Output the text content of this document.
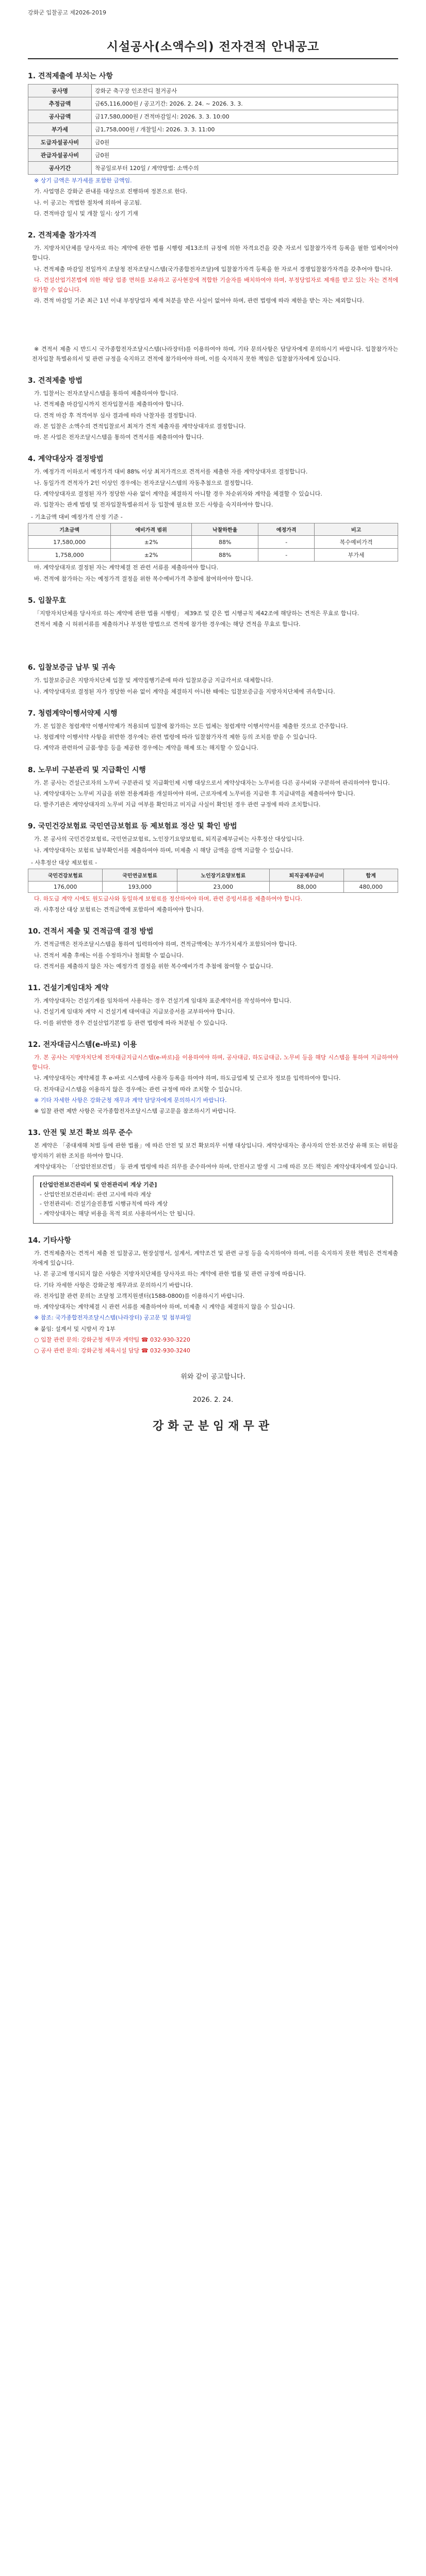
강화군 입찰공고 제2026-2019
시설공사(소액수의) 전자견적 안내공고
1. 견적제출에 부치는 사항
공사명	강화군 축구장 인조잔디 철거공사
추정금액	금65,116,000원 / 공고기간: 2026. 2. 24. ~ 2026. 3. 3.
공사금액	금17,580,000원 / 견적마감일시: 2026. 3. 3. 10:00
부가세	금1,758,000원 / 개찰일시: 2026. 3. 3. 11:00
도급자설공사비	금0원
관급자설공사비	금0원
공사기간	착공일로부터 120일 / 계약방법: 소액수의

※ 상기 금액은 부가세를 포함한 금액임.

가. 사업명은 강화군 관내를 대상으로 진행하며 정본으로 한다.

나. 이 공고는 적법한 절차에 의하여 공고됨.

다. 견적마감 일시 및 개찰 일시: 상기 기재

2. 견적제출 참가자격

가. 지방자치단체를 당사자로 하는 계약에 관한 법률 시행령 제13조의 규정에 의한 자격요건을 갖춘 자로서 입찰참가자격 등록을 필한 업체이어야 합니다.

나. 견적제출 마감일 전일까지 조달청 전자조달시스템(국가종합전자조달)에 입찰참가자격 등록을 한 자로서 경쟁입찰참가자격을 갖추어야 합니다.

다. 건설산업기본법에 의한 해당 업종 면허를 보유하고 공사현장에 적합한 기술자를 배치하여야 하며, 부정당업자로 제재를 받고 있는 자는 견적에 참가할 수 없습니다.

라. 견적 마감일 기준 최근 1년 이내 부정당업자 제재 처분을 받은 사실이 없어야 하며, 관련 법령에 따라 제한을 받는 자는 제외합니다.

※ 견적서 제출 시 반드시 국가종합전자조달시스템(나라장터)를 이용하여야 하며, 기타 문의사항은 담당자에게 문의하시기 바랍니다. 입찰참가자는 전자입찰 특별유의서 및 관련 규정을 숙지하고 견적에 참가하여야 하며, 이를 숙지하지 못한 책임은 입찰참가자에게 있습니다.

3. 견적제출 방법

가. 입찰서는 전자조달시스템을 통하여 제출하여야 합니다.

나. 견적제출 마감일시까지 전자입찰서를 제출하여야 합니다.

다. 견적 마감 후 적격여부 심사 결과에 따라 낙찰자를 결정합니다.

라. 본 입찰은 소액수의 견적입찰로서 최저가 견적 제출자를 계약상대자로 결정합니다.

마. 본 사업은 전자조달시스템을 통하여 견적서를 제출하여야 합니다.

4. 계약대상자 결정방법

가. 예정가격 이하로서 예정가격 대비 88% 이상 최저가격으로 견적서를 제출한 자를 계약상대자로 결정합니다.

나. 동일가격 견적자가 2인 이상인 경우에는 전자조달시스템의 자동추첨으로 결정합니다.

다. 계약상대자로 결정된 자가 정당한 사유 없이 계약을 체결하지 아니할 경우 차순위자와 계약을 체결할 수 있습니다.

라. 입찰자는 관계 법령 및 전자입찰특별유의서 등 입찰에 필요한 모든 사항을 숙지하여야 합니다.

- 기초금액 대비 예정가격 산정 기준 -
기초금액	예비가격 범위	낙찰하한율	예정가격	비고
17,580,000	±2%	88%	-	복수예비가격
1,758,000	±2%	88%	-	부가세

마. 계약상대자로 결정된 자는 계약체결 전 관련 서류를 제출하여야 합니다.

바. 견적에 참가하는 자는 예정가격 결정을 위한 복수예비가격 추첨에 참여하여야 합니다.

5. 입찰무효

「지방자치단체를 당사자로 하는 계약에 관한 법률 시행령」 제39조 및 같은 법 시행규칙 제42조에 해당하는 견적은 무효로 합니다.

견적서 제출 시 허위서류를 제출하거나 부정한 방법으로 견적에 참가한 경우에는 해당 견적을 무효로 합니다.

6. 입찰보증금 납부 및 귀속

가. 입찰보증금은 지방자치단체 입찰 및 계약집행기준에 따라 입찰보증금 지급각서로 대체합니다.

나. 계약상대자로 결정된 자가 정당한 이유 없이 계약을 체결하지 아니한 때에는 입찰보증금을 지방자치단체에 귀속합니다.

7. 청렴계약이행서약제 시행

가. 본 입찰은 청렴계약 이행서약제가 적용되며 입찰에 참가하는 모든 업체는 청렴계약 이행서약서를 제출한 것으로 간주합니다.

나. 청렴계약 이행서약 사항을 위반한 경우에는 관련 법령에 따라 입찰참가자격 제한 등의 조치를 받을 수 있습니다.

다. 계약과 관련하여 금품·향응 등을 제공한 경우에는 계약을 해제 또는 해지할 수 있습니다.

8. 노무비 구분관리 및 지급확인 시행

가. 본 공사는 건설근로자의 노무비 구분관리 및 지급확인제 시행 대상으로서 계약상대자는 노무비를 다른 공사비와 구분하여 관리하여야 합니다.

나. 계약상대자는 노무비 지급을 위한 전용계좌를 개설하여야 하며, 근로자에게 노무비를 지급한 후 지급내역을 제출하여야 합니다.

다. 발주기관은 계약상대자의 노무비 지급 여부를 확인하고 미지급 사실이 확인된 경우 관련 규정에 따라 조치합니다.

9. 국민건강보험료 국민연금보험료 등 제보험료 정산 및 확인 방법

가. 본 공사의 국민건강보험료, 국민연금보험료, 노인장기요양보험료, 퇴직공제부금비는 사후정산 대상입니다.

나. 계약상대자는 보험료 납부확인서를 제출하여야 하며, 미제출 시 해당 금액을 감액 지급할 수 있습니다.

- 사후정산 대상 제보험료 -
국민건강보험료	국민연금보험료	노인장기요양보험료	퇴직공제부금비	합계
176,000	193,000	23,000	88,000	480,000

다. 하도급 계약 시에도 원도급사와 동일하게 보험료를 정산하여야 하며, 관련 증빙서류를 제출하여야 합니다.

라. 사후정산 대상 보험료는 견적금액에 포함하여 제출하여야 합니다.

10. 견적서 제출 및 견적금액 결정 방법

가. 견적금액은 전자조달시스템을 통하여 입력하여야 하며, 견적금액에는 부가가치세가 포함되어야 합니다.

나. 견적서 제출 후에는 이를 수정하거나 철회할 수 없습니다.

다. 견적서를 제출하지 않은 자는 예정가격 결정을 위한 복수예비가격 추첨에 참여할 수 없습니다.

11. 건설기계임대차 계약

가. 계약상대자는 건설기계를 임차하여 사용하는 경우 건설기계 임대차 표준계약서를 작성하여야 합니다.

나. 건설기계 임대차 계약 시 건설기계 대여대금 지급보증서를 교부하여야 합니다.

다. 이를 위반한 경우 건설산업기본법 등 관련 법령에 따라 처분될 수 있습니다.

12. 전자대금시스템(e-바로) 이용

가. 본 공사는 지방자치단체 전자대금지급시스템(e-바로)을 이용하여야 하며, 공사대금, 하도급대금, 노무비 등을 해당 시스템을 통하여 지급하여야 합니다.

나. 계약상대자는 계약체결 후 e-바로 시스템에 사용자 등록을 하여야 하며, 하도급업체 및 근로자 정보를 입력하여야 합니다.

다. 전자대금시스템을 이용하지 않은 경우에는 관련 규정에 따라 조치할 수 있습니다.

※ 기타 자세한 사항은 강화군청 재무과 계약 담당자에게 문의하시기 바랍니다.

※ 입찰 관련 제반 사항은 국가종합전자조달시스템 공고문을 참조하시기 바랍니다.

13. 안전 및 보건 확보 의무 준수

본 계약은 「중대재해 처벌 등에 관한 법률」에 따른 안전 및 보건 확보의무 이행 대상입니다. 계약상대자는 종사자의 안전·보건상 유해 또는 위험을 방지하기 위한 조치를 하여야 합니다.

계약상대자는 「산업안전보건법」 등 관계 법령에 따른 의무를 준수하여야 하며, 안전사고 발생 시 그에 따른 모든 책임은 계약상대자에게 있습니다.

[산업안전보건관리비 및 안전관리비 계상 기준]
- 산업안전보건관리비: 관련 고시에 따라 계상
- 안전관리비: 건설기술진흥법 시행규칙에 따라 계상
- 계약상대자는 해당 비용을 목적 외로 사용하여서는 안 됩니다.
14. 기타사항

가. 견적제출자는 견적서 제출 전 입찰공고, 현장설명서, 설계서, 계약조건 및 관련 규정 등을 숙지하여야 하며, 이를 숙지하지 못한 책임은 견적제출자에게 있습니다.

나. 본 공고에 명시되지 않은 사항은 지방자치단체를 당사자로 하는 계약에 관한 법률 및 관련 규정에 따릅니다.

다. 기타 자세한 사항은 강화군청 재무과로 문의하시기 바랍니다.

라. 전자입찰 관련 문의는 조달청 고객지원센터(1588-0800)를 이용하시기 바랍니다.

마. 계약상대자는 계약체결 시 관련 서류를 제출하여야 하며, 미제출 시 계약을 체결하지 않을 수 있습니다.

※ 참조: 국가종합전자조달시스템(나라장터) 공고문 및 첨부파일

※ 붙임: 설계서 및 시방서 각 1부

○ 입찰 관련 문의: 강화군청 재무과 계약팀 ☎ 032-930-3220

○ 공사 관련 문의: 강화군청 체육시설 담당 ☎ 032-930-3240

위와 같이 공고합니다.
2026. 2. 24.
강화군분임재무관
